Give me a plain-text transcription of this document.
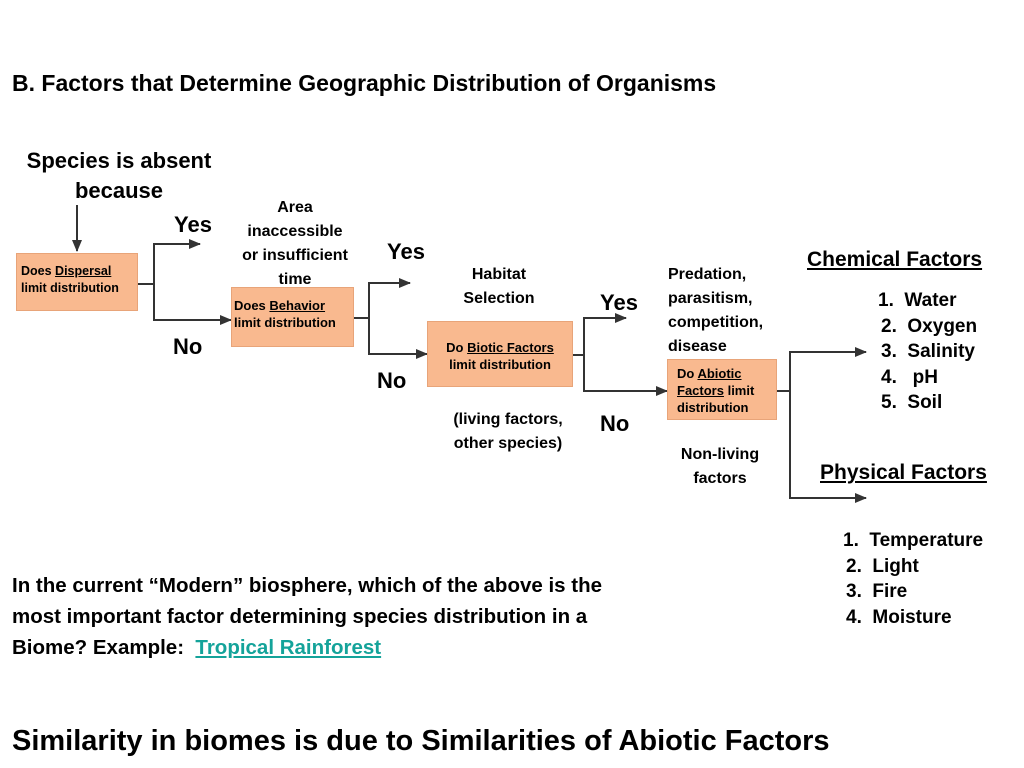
B. Factors that Determine Geographic Distribution of Organisms
Species is absent
because
Does Dispersal
limit distribution
Does Behavior
limit distribution
Do Biotic Factors
limit distribution
Do Abiotic
Factors limit
distribution
Yes
No
Yes
No
Yes
No
Area
inaccessible
or insufficient
time	Habitat
Selection
Predation,
parasitism,
competition,
disease
(living factors,
other species)
Non-living
factors
Chemical Factors
1.  Water
2.  Oxygen
3.  Salinity
4.   pH
5.  Soil
Physical Factors
1.  Temperature
2.  Light
3.  Fire
4.  Moisture
In the current “Modern” biosphere, which of the above is the
most important factor determining species distribution in a
Biome? Example:  Tropical Rainforest
Similarity in biomes is due to Similarities of Abiotic Factors
